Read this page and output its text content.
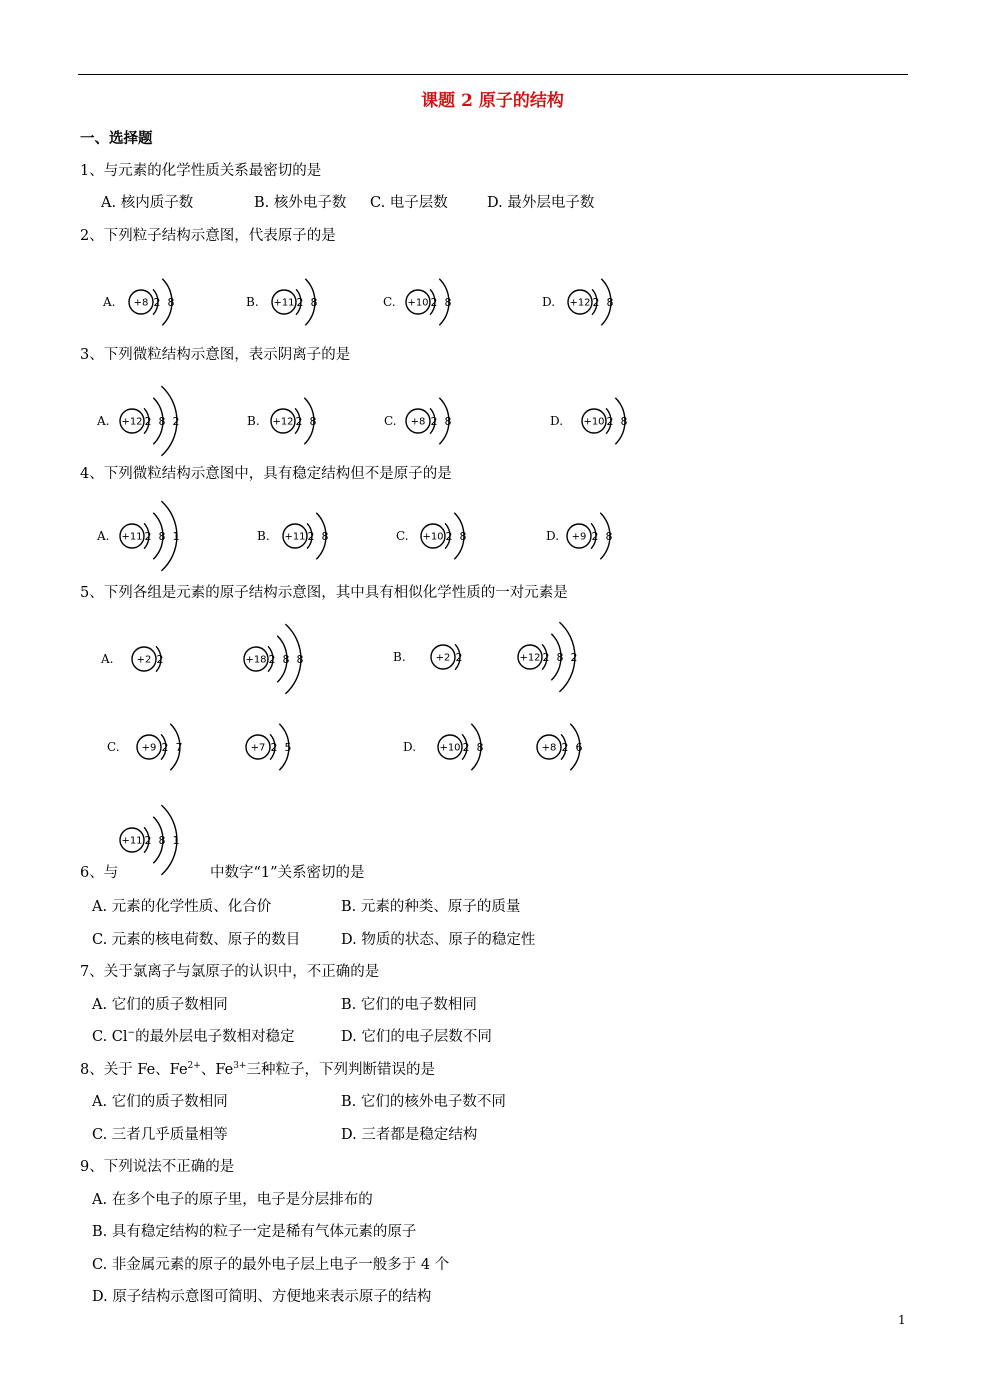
课题 2 原子的结构
一、选择题
1、与元素的化学性质关系最密切的是
A. 核内质子数	B. 核外电子数 C. 电子层数	D. 最外层电子数
2、下列粒子结构示意图，代表原子的是
A. +8 2 8	B. +11 2 8	C. +10 2 8	D. +12 2 8
3、下列微粒结构示意图，表示阴离子的是
A. +12 2 8 2	B. +12 2 8	C. +8 2 8	D. +10 2 8
4、下列微粒结构示意图中，具有稳定结构但不是原子的是
A. +11 2 8 1	B. +11 2 8	C. +10 2 8	D. +9 2 8
5、下列各组是元素的原子结构示意图，其中具有相似化学性质的一对元素是
A. +2 2	+18 2 8 8	B.	+2 2	+12 2 8 2
C. +9 2 7	+7 2 5	D. +10 2 8	+8 2 6
+11 2 8 1
6、与	中数字“1”关系密切的是
A. 元素的化学性质、化合价	B. 元素的种类、原子的质量
C. 元素的核电荷数、原子的数目	D. 物质的状态、原子的稳定性
7、关于氯离子与氯原子的认识中，不正确的是
A. 它们的质子数相同	B. 它们的电子数相同
C. Cl−的最外层电子数相对稳定	D. 它们的电子层数不同
8、关于 Fe、$Fe^{2+}$、$Fe^{3+}$三种粒子，下列判断错误的是
A. 它们的质子数相同	B. 它们的核外电子数不同
C. 三者几乎质量相等	D. 三者都是稳定结构
9、下列说法不正确的是
A. 在多个电子的原子里，电子是分层排布的
B. 具有稳定结构的粒子一定是稀有气体元素的原子
C. 非金属元素的原子的最外电子层上电子一般多于 4 个
D. 原子结构示意图可简明、方便地来表示原子的结构
1
